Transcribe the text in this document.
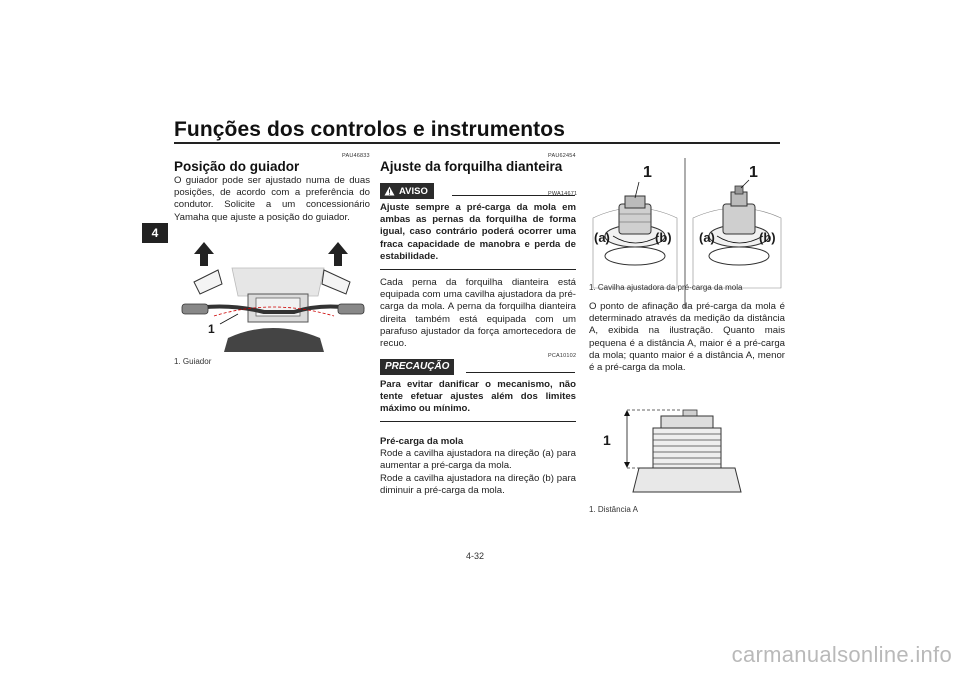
Funções dos controlos e instrumentos
4
PAU46833
Posição do guiador
O guiador pode ser ajustado numa de duas posições, de acordo com a preferência do condutor. Solicite a um concessionário Yamaha que ajuste a posição do guiador.
1
1. Guiador
PAU62454
Ajuste da forquilha dianteira
AVISO	PWA14671
Ajuste sempre a pré-carga da mola em ambas as pernas da forquilha de forma igual, caso contrário poderá ocorrer uma fraca capacidade de manobra e perda de estabilidade.
Cada perna da forquilha dianteira está equipada com uma cavilha ajustadora da pré-carga da mola. A perna da forquilha dianteira direita também está equipada com um parafuso ajustador da força amortecedora de recuo.
PCA10102
PRECAUÇÃO
Para evitar danificar o mecanismo, não tente efetuar ajustes além dos limites máximo ou mínimo.
Pré-carga da mola
Rode a cavilha ajustadora na direção (a) para aumentar a pré-carga da mola.
Rode a cavilha ajustadora na direção (b) para diminuir a pré-carga da mola.
1	1
(a)	(b) (a)	(b)
1. Cavilha ajustadora da pré-carga da mola
O ponto de afinação da pré-carga da mola é determinado através da medição da distância A, exibida na ilustração. Quanto mais pequena é a distância A, maior é a pré-carga da mola; quanto maior é a distância A, menor é a pré-carga da mola.
1
1. Distância A
4-32
carmanualsonline.info
